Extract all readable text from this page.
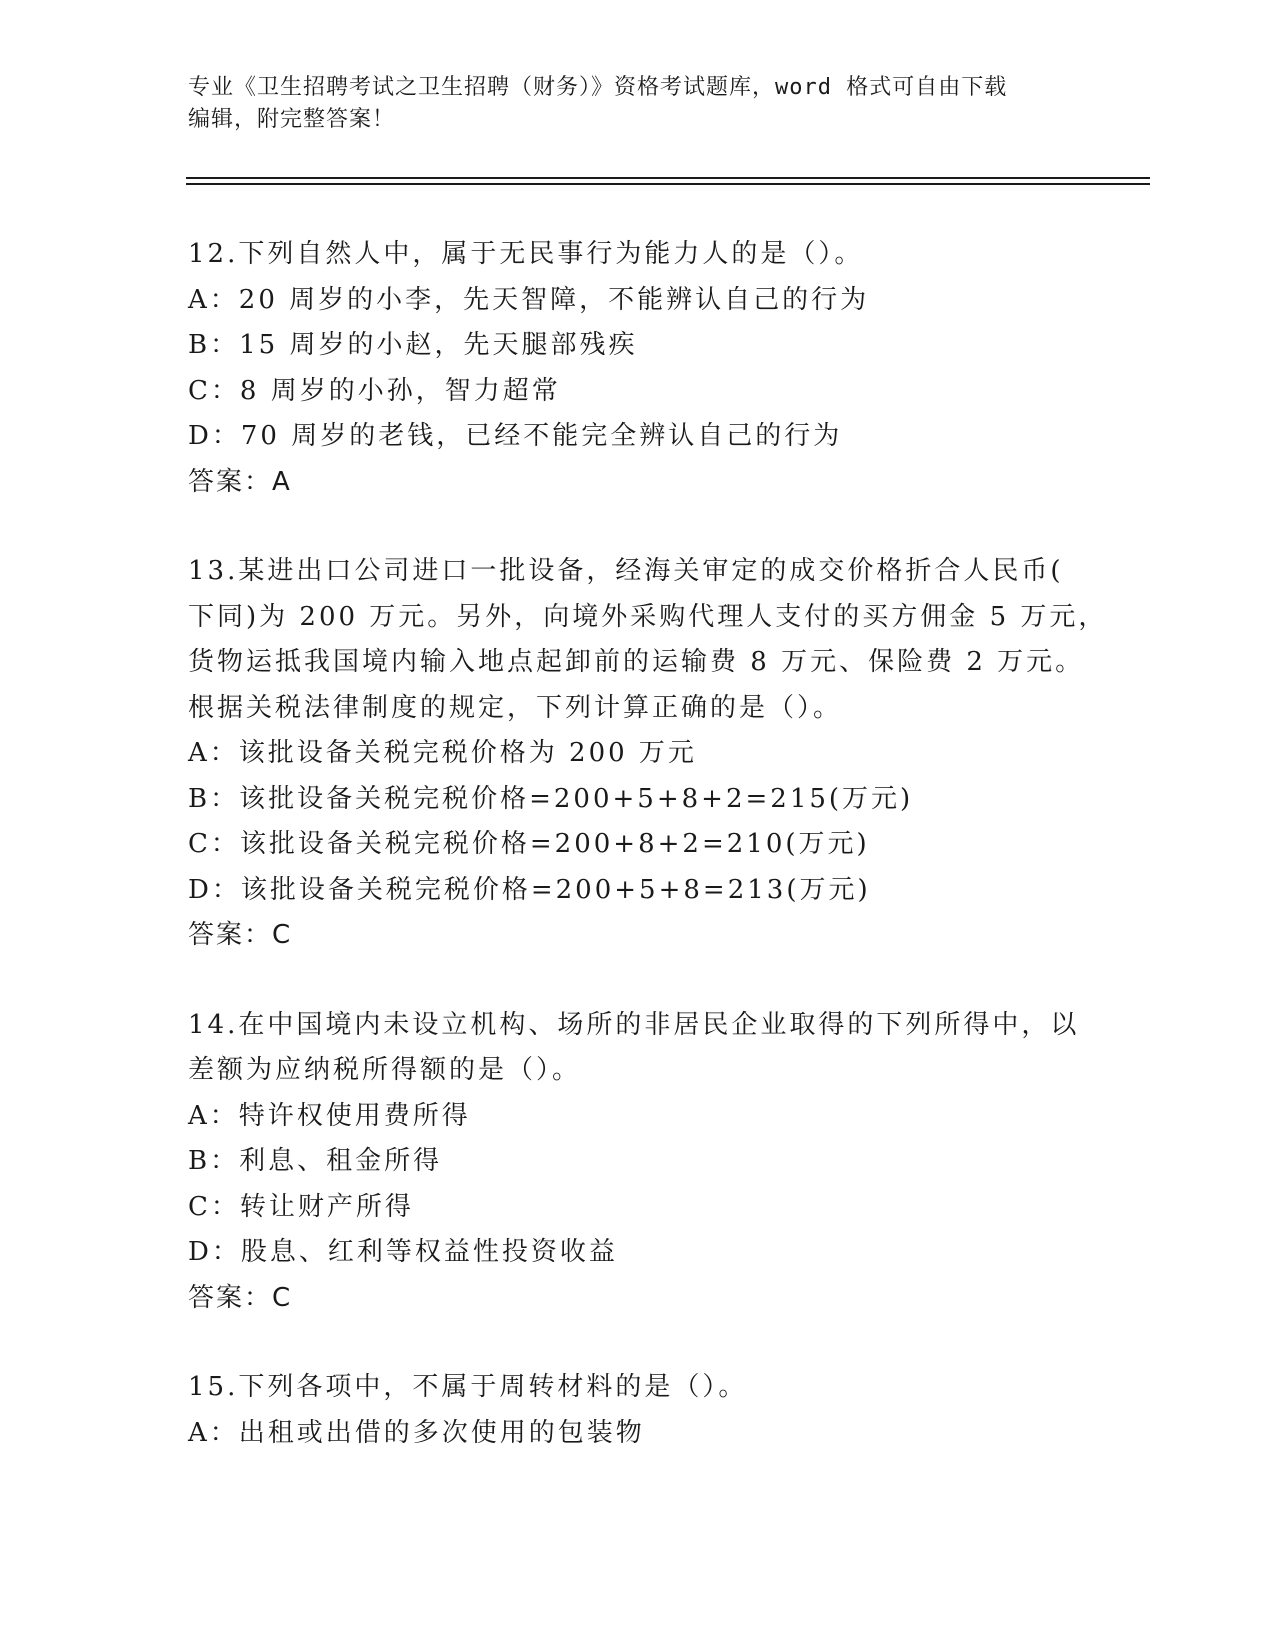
专业《卫生招聘考试之卫生招聘（财务）》资格考试题库，word 格式可自由下载
编辑，附完整答案！
12.下列自然人中，属于无民事行为能力人的是（）。
A：20 周岁的小李，先天智障，不能辨认自己的行为
B：15 周岁的小赵，先天腿部残疾
C：8 周岁的小孙，智力超常
D：70 周岁的老钱，已经不能完全辨认自己的行为
答案：A
13.某进出口公司进口一批设备，经海关审定的成交价格折合人民币(
下同)为 200 万元。另外，向境外采购代理人支付的买方佣金 5 万元，
货物运抵我国境内输入地点起卸前的运输费 8 万元、保险费 2 万元。
根据关税法律制度的规定，下列计算正确的是（）。
A：该批设备关税完税价格为 200 万元
B：该批设备关税完税价格=200+5+8+2=215(万元)
C：该批设备关税完税价格=200+8+2=210(万元)
D：该批设备关税完税价格=200+5+8=213(万元)
答案：C
14.在中国境内未设立机构、场所的非居民企业取得的下列所得中，以
差额为应纳税所得额的是（）。
A：特许权使用费所得
B：利息、租金所得
C：转让财产所得
D：股息、红利等权益性投资收益
答案：C
15.下列各项中，不属于周转材料的是（）。
A：出租或出借的多次使用的包装物
